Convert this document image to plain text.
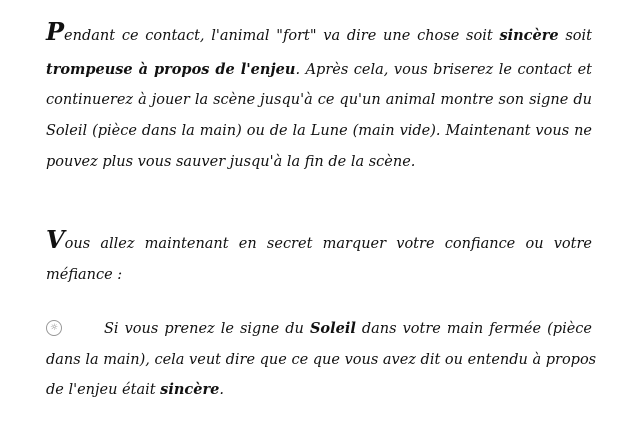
Pendant ce contact, l'animal "fort" va dire une chose soit sincère soit
trompeuse à propos de l'enjeu. Après cela, vous briserez le contact et
continuerez à jouer la scène jusqu'à ce qu'un animal montre son signe du
Soleil (pièce dans la main) ou de la Lune (main vide). Maintenant vous ne
pouvez plus vous sauver jusqu'à la fin de la scène.
Vous allez maintenant en secret marquer votre confiance ou votre
méfiance :
☼	Si vous prenez le signe du Soleil dans votre main fermée (pièce
dans la main), cela veut dire que ce que vous avez dit ou entendu à propos
de l'enjeu était sincère.
